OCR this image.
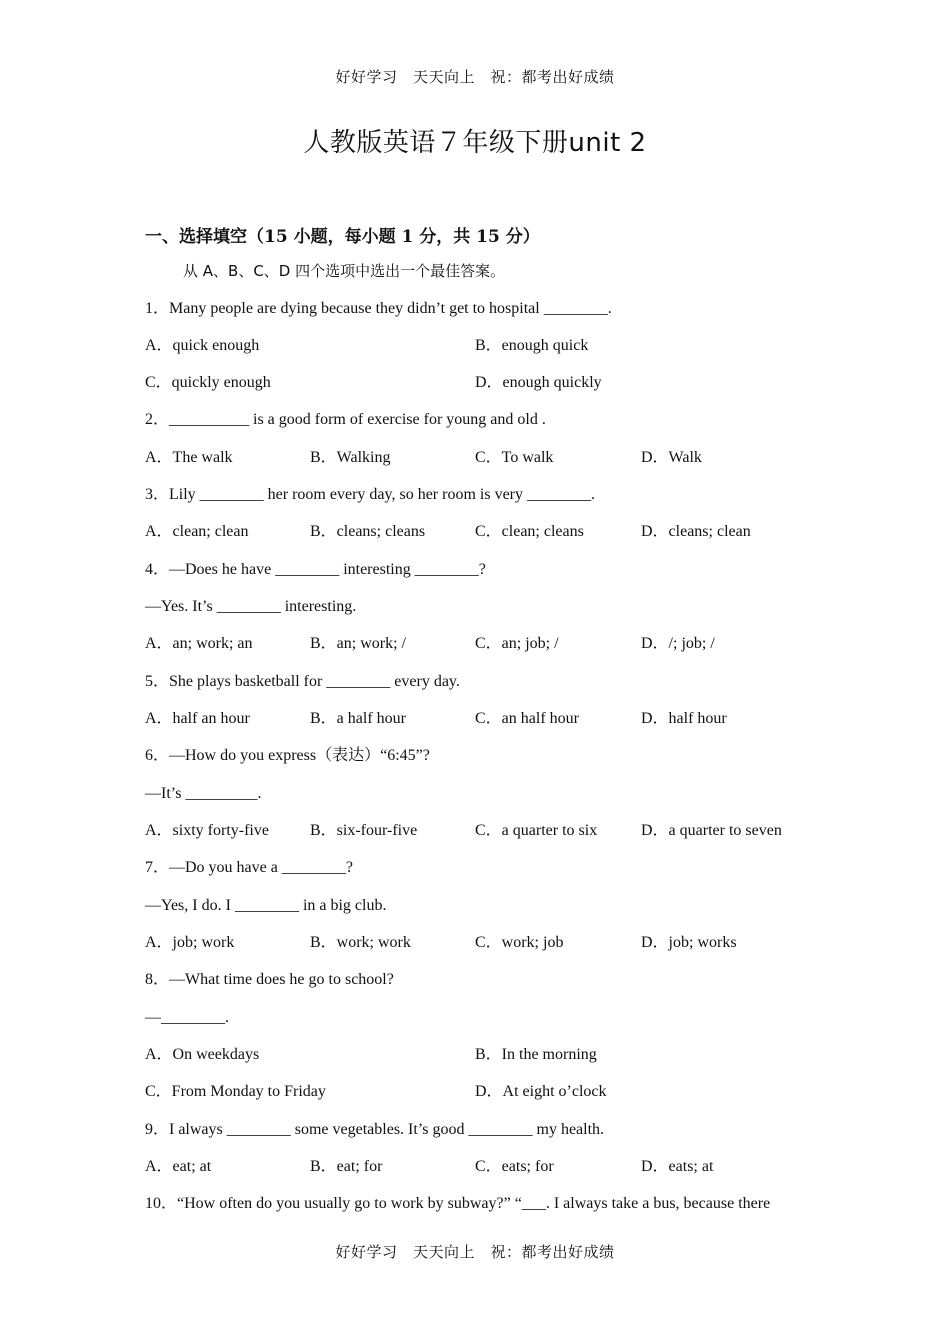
好好学习　天天向上　祝：都考出好成绩
人教版英语７年级下册unit 2
一、选择填空（15 小题，每小题 1 分，共 15 分）
从 A、B、C、D 四个选项中选出一个最佳答案。
1．Many people are dying because they didn’t get to hospital ________.
A．quick enough	B．enough quick
C．quickly enough	D．enough quickly
2．__________ is a good form of exercise for young and old .
A．The walk	B．Walking	C．To walk	D．Walk
3．Lily ________ her room every day, so her room is very ________.
A．clean; clean	B．cleans; cleans	C．clean; cleans	D．cleans; clean
4．—Does he have ________ interesting ________?
—Yes. It’s ________ interesting.
A．an; work; an	B．an; work; /	C．an; job; /	D．/; job; /
5．She plays basketball for ________ every day.
A．half an hour	B．a half hour	C．an half hour	D．half hour
6．—How do you express（表达）“6:45”?
—It’s _________.
A．sixty forty-five	B．six-four-five	C．a quarter to six	D．a quarter to seven
7．—Do you have a ________?
—Yes, I do. I ________ in a big club.
A．job; work	B．work; work	C．work; job	D．job; works
8．—What time does he go to school?
—________.
A．On weekdays	B．In the morning
C．From Monday to Friday	D．At eight o’clock
9．I always ________ some vegetables. It’s good ________ my health.
A．eat; at	B．eat; for	C．eats; for	D．eats; at
10．“How often do you usually go to work by subway?” “___. I always take a bus, because there
好好学习　天天向上　祝：都考出好成绩
